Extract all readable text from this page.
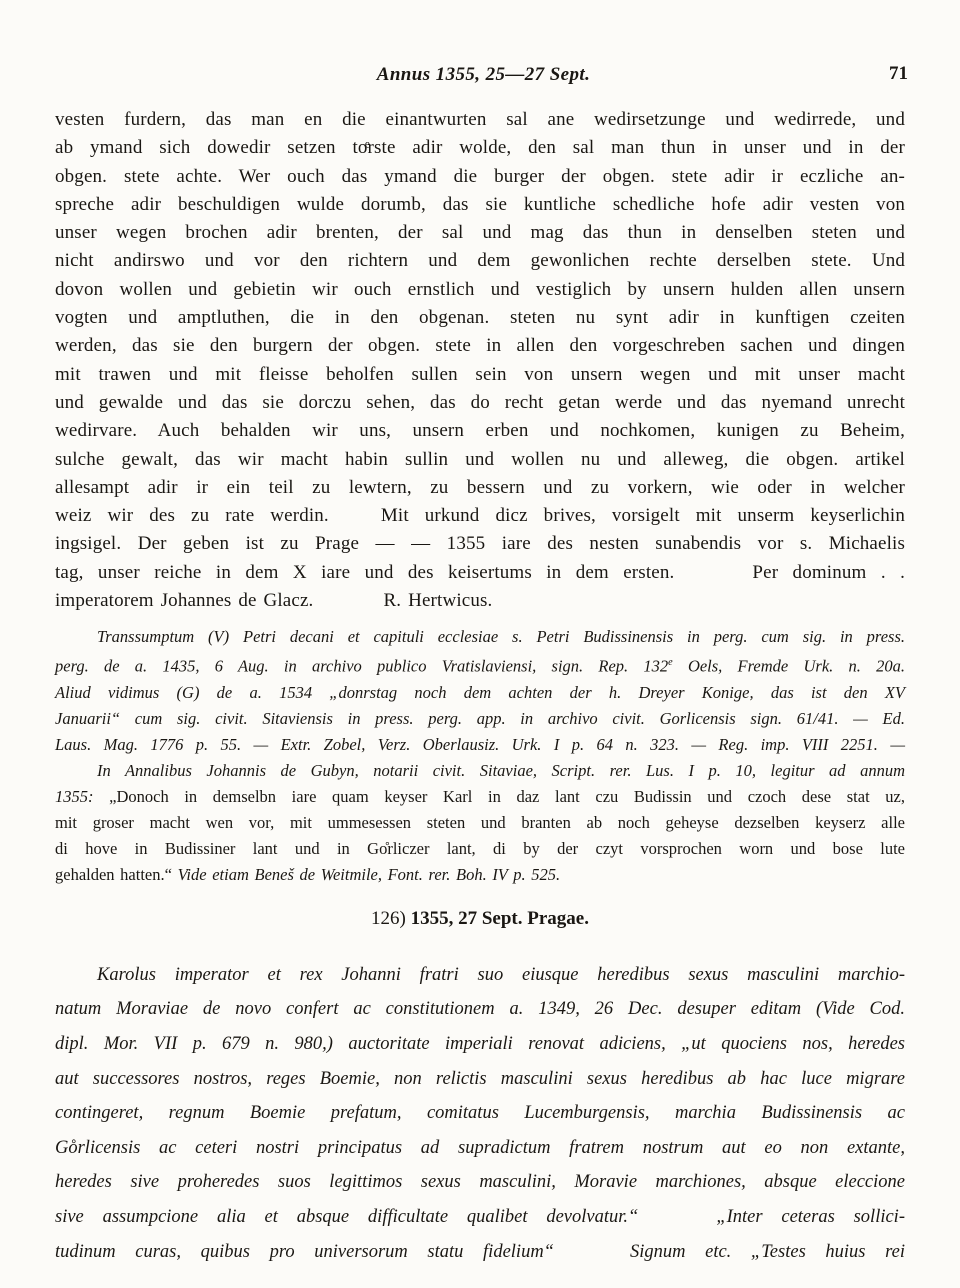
Annus 1355, 25—27 Sept.	71
vesten furdern, das man en die einantwurten sal ane wedirsetzunge und wedirrede, und
ab ymand sich dowedir setzen toͤrste adir wolde, den sal man thun in unser und in der
obgen. stete achte. Wer ouch das ymand die burger der obgen. stete adir ir eczliche an-
spreche adir beschuldigen wulde dorumb, das sie kuntliche schedliche hofe adir vesten von
unser wegen brochen adir brenten, der sal und mag das thun in denselben steten und
nicht andirswo und vor den richtern und dem gewonlichen rechte derselben stete. Und
dovon wollen und gebietin wir ouch ernstlich und vestiglich by unsern hulden allen unsern
vogten und amptluthen, die in den obgenan. steten nu synt adir in kunftigen czeiten
werden, das sie den burgern der obgen. stete in allen den vorgeschreben sachen und dingen
mit trawen und mit fleisse beholfen sullen sein von unsern wegen und mit unser macht
und gewalde und das sie dorczu sehen, das do recht getan werde und das nyemand unrecht
wedirvare. Auch behalden wir uns, unsern erben und nochkomen, kunigen zu Beheim,
sulche gewalt, das wir macht habin sullin und wollen nu und alleweg, die obgen. artikel
allesampt adir ir ein teil zu lewtern, zu bessern und zu vorkern, wie oder in welcher
weiz wir des zu rate werdin.	Mit urkund dicz brives, vorsigelt mit unserm keyserlichin
ingsigel. Der geben ist zu Prage — — 1355 iare des nesten sunabendis vor s. Michaelis
tag, unser reiche in dem X iare und des keisertums in dem ersten.	Per dominum . .
imperatorem Johannes de Glacz.	R. Hertwicus.
Transsumptum (V) Petri decani et capituli ecclesiae s. Petri Budissinensis in perg. cum sig. in press.
perg. de a. 1435, 6 Aug. in archivo publico Vratislaviensi, sign. Rep. 132e Oels, Fremde Urk. n. 20a.
Aliud vidimus (G) de a. 1534 „donrstag noch dem achten der h. Dreyer Konige, das ist den XV
Januarii“ cum sig. civit. Sitaviensis in press. perg. app. in archivo civit. Gorlicensis sign. 61/41. — Ed.
Laus. Mag. 1776 p. 55. — Extr. Zobel, Verz. Oberlausiz. Urk. I p. 64 n. 323. — Reg. imp. VIII 2251. —
In Annalibus Johannis de Gubyn, notarii civit. Sitaviae, Script. rer. Lus. I p. 10, legitur ad annum
1355: „Donoch in demselbn iare quam keyser Karl in daz lant czu Budissin und czoch dese stat uz,
mit groser macht wen vor, mit ummesessen steten und branten ab noch geheyse dezselben keyserz alle
di hove in Budissiner lant und in Go̊rliczer lant, di by der czyt vorsprochen worn und bose lute
gehalden hatten.“ Vide etiam Beneš de Weitmile, Font. rer. Boh. IV p. 525.
126) 1355, 27 Sept. Pragae.
Karolus imperator et rex Johanni fratri suo eiusque heredibus sexus masculini marchio-
natum Moraviae de novo confert ac constitutionem a. 1349, 26 Dec. desuper editam (Vide Cod.
dipl. Mor. VII p. 679 n. 980,) auctoritate imperiali renovat adiciens, „ut quociens nos, heredes
aut successores nostros, reges Boemie, non relictis masculini sexus heredibus ab hac luce migrare
contingeret, regnum Boemie prefatum, comitatus Lucemburgensis, marchia Budissinensis ac
Go̊rlicensis ac ceteri nostri principatus ad supradictum fratrem nostrum aut eo non extante,
heredes sive proheredes suos legittimos sexus masculini, Moravie marchiones, absque eleccione
sive assumpcione alia et absque difficultate qualibet devolvatur.“	„Inter ceteras sollici-
tudinum curas, quibus pro universorum statu fidelium“	Signum etc. „Testes huius rei
